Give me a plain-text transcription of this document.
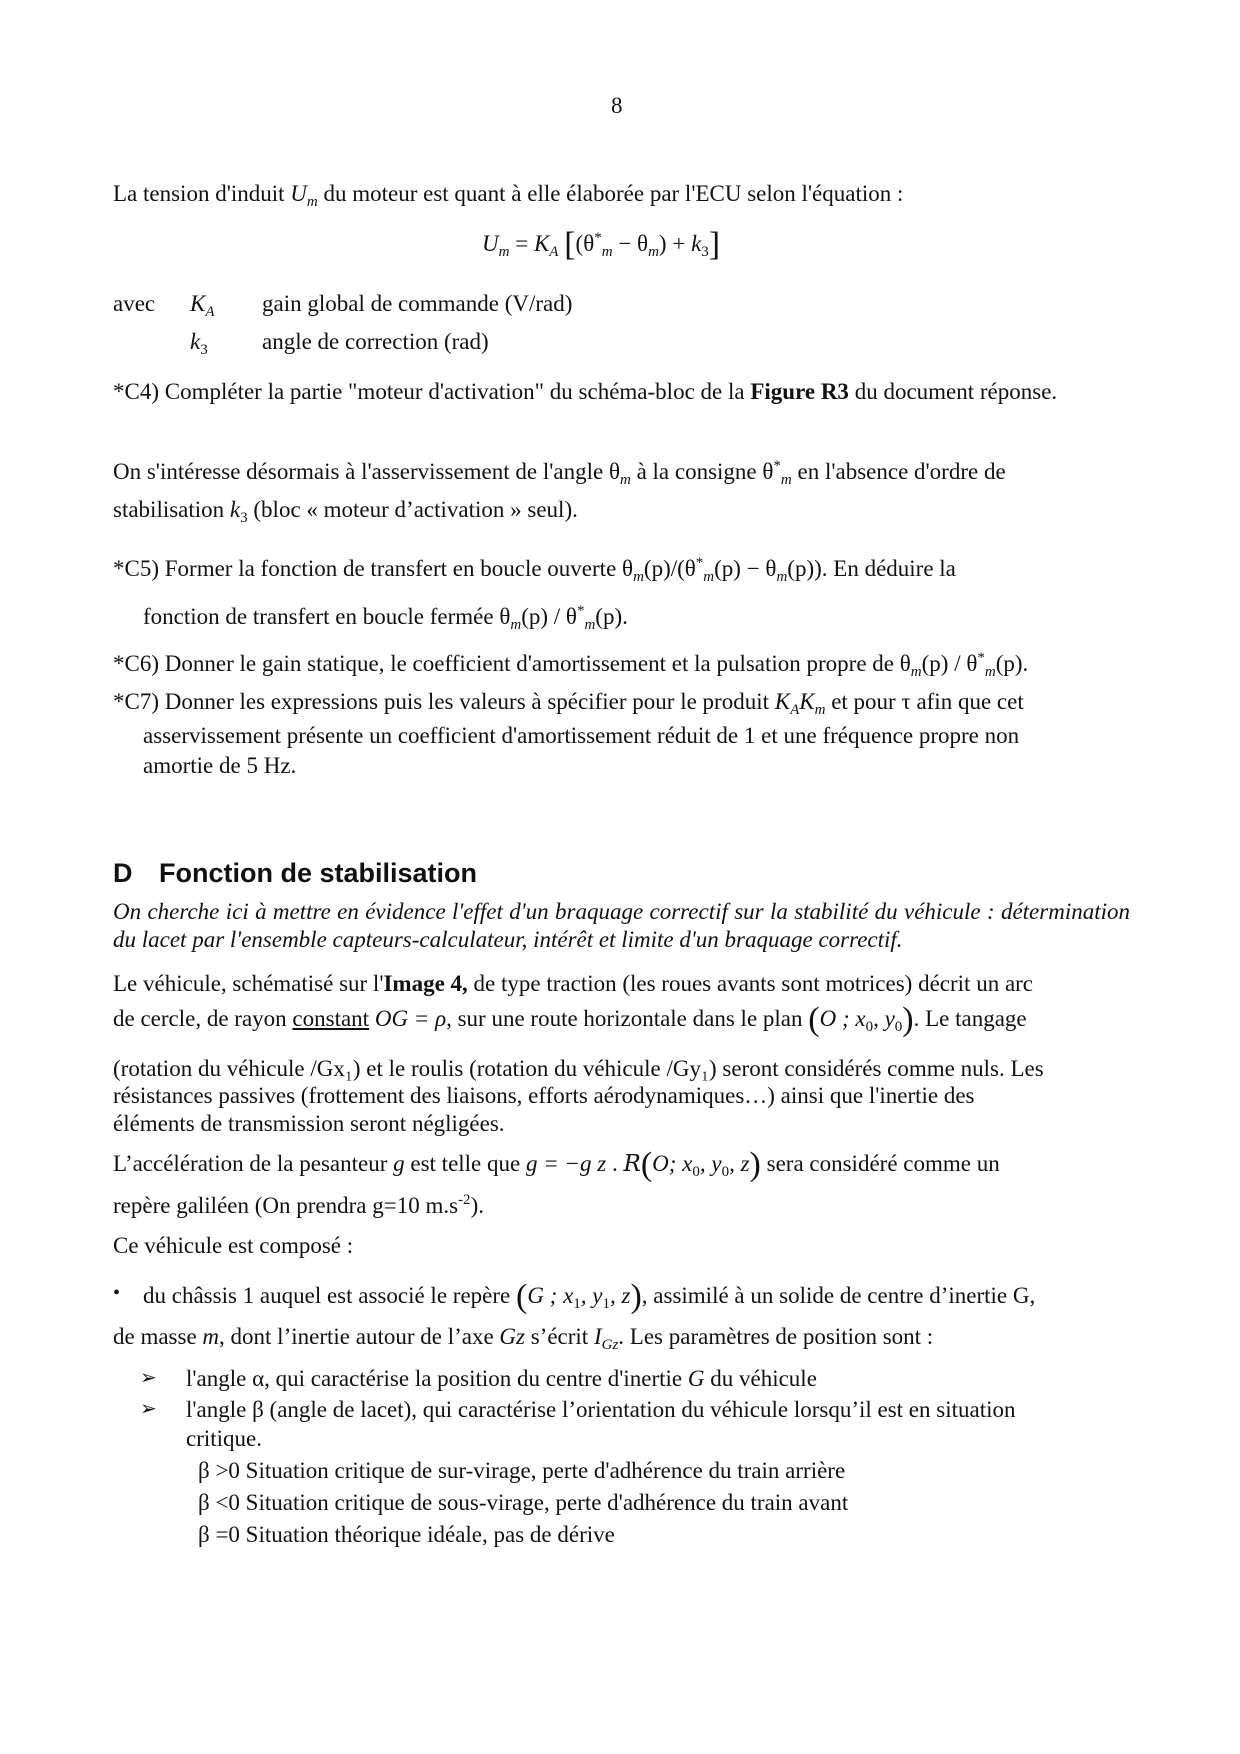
8
La tension d'induit $U_m$ du moteur est quant à elle élaborée par l'ECU selon l'équation :
$U_m = K_A$ $[(\theta^*_m - \theta_m) + k_3]$
avec $K_A$ gain global de commande (V/rad)
$k_3$ angle de correction (rad)
*C4) Compléter la partie "moteur d'activation" du schéma-bloc de la Figure R3 du document réponse.
On s'intéresse désormais à l'asservissement de l'angle $\theta_m$ à la consigne $\theta^*_m$ en l'absence d'ordre de
stabilisation $k_3$ (bloc « moteur d’activation » seul).
*C5) Former la fonction de transfert en boucle ouverte $\theta_m(p)/(\theta^*_m(p) - \theta_m(p))$. En déduire la
fonction de transfert en boucle fermée $\theta_m(p) / \theta^*_m(p)$.
*C6) Donner le gain statique, le coefficient d'amortissement et la pulsation propre de $\theta_m(p) / \theta^*_m(p)$.
*C7) Donner les expressions puis les valeurs à spécifier pour le produit $K_AK_m$ et pour τ afin que cet
asservissement présente un coefficient d'amortissement réduit de 1 et une fréquence propre non
amortie de 5 Hz.
D Fonction de stabilisation
On cherche ici à mettre en évidence l'effet d'un braquage correctif sur la stabilité du véhicule : détermination du lacet par l'ensemble capteurs-calculateur, intérêt et limite d'un braquage correctif.
Le véhicule, schématisé sur l'Image 4, de type traction (les roues avants sont motrices) décrit un arc
de cercle, de rayon constant OG = ρ, sur une route horizontale dans le plan (O ; $x_0$, $y_0$). Le tangage
(rotation du véhicule /Gx₁) et le roulis (rotation du véhicule /Gy₁) seront considérés comme nuls. Les
résistances passives (frottement des liaisons, efforts aérodynamiques…) ainsi que l'inertie des
éléments de transmission seront négligées.
L’accélération de la pesanteur g est telle que g = −g z . R(O; $x_0$, $y_0$, z) sera considéré comme un
repère galiléen (On prendra g=10 $m.s^{-2}$).
Ce véhicule est composé :
• du châssis 1 auquel est associé le repère (G ; $x_1$, $y_1$, z), assimilé à un solide de centre d’inertie G,
de masse m, dont l’inertie autour de l’axe Gz s’écrit $I_{Gz}$. Les paramètres de position sont :
➢ l'angle α, qui caractérise la position du centre d'inertie G du véhicule
➢ l'angle β (angle de lacet), qui caractérise l’orientation du véhicule lorsqu’il est en situation
critique.
β >0 Situation critique de sur-virage, perte d'adhérence du train arrière
β <0 Situation critique de sous-virage, perte d'adhérence du train avant
β =0 Situation théorique idéale, pas de dérive
